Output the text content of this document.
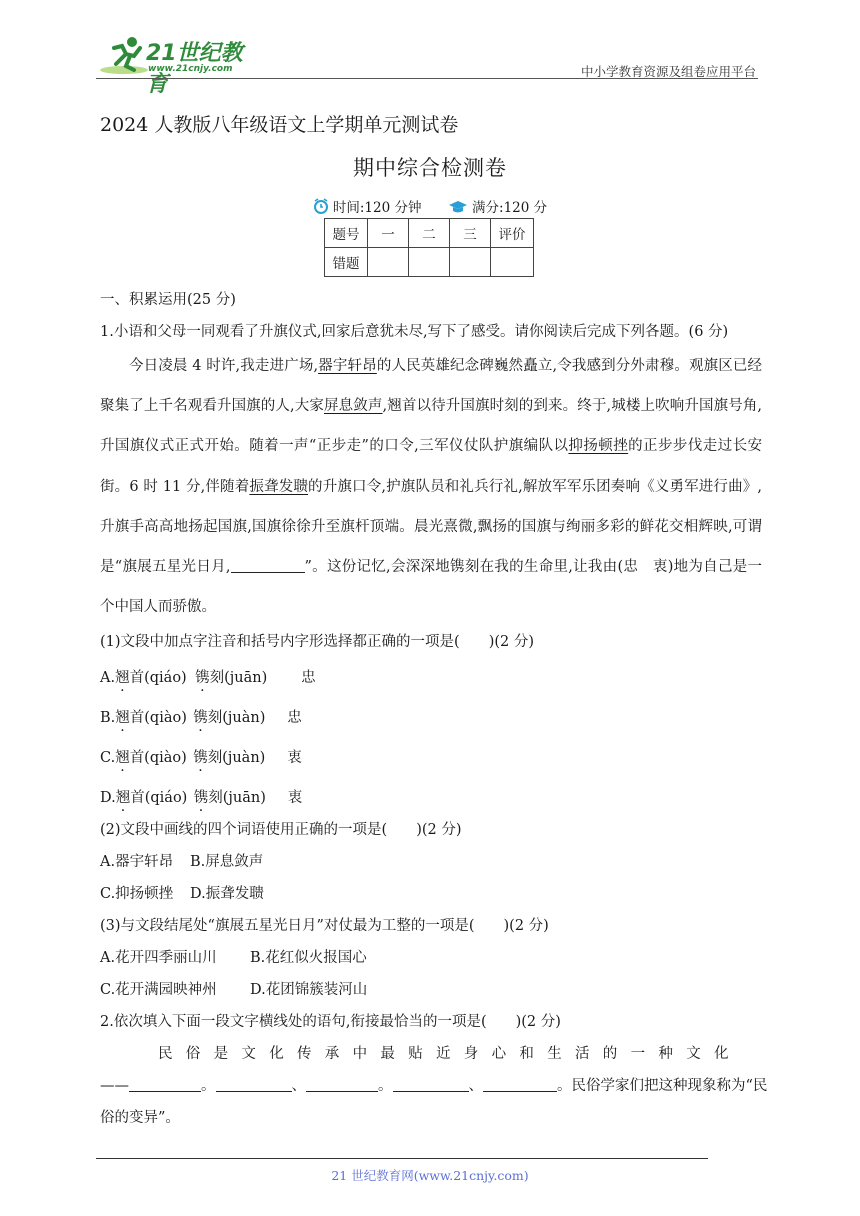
21世纪教育
www.21cnjy.com	中小学教育资源及组卷应用平台
2024 人教版八年级语文上学期单元测试卷
期中综合检测卷
时间:120 分钟	满分:120 分
题号	一	二	三	评价
错题				
一、积累运用(25 分)
1.小语和父母一同观看了升旗仪式,回家后意犹未尽,写下了感受。请你阅读后完成下列各题。(6 分)

今日凌晨 4 时许,我走进广场,器宇轩昂的人民英雄纪念碑巍然矗立,令我感到分外肃穆。观旗区已经聚集了上千名观看升国旗的人,大家屏息敛声,翘 ·首以待升国旗时刻的到来。终于,城楼上吹响升国旗号角,升国旗仪式正式开始。随着一声“正步走”的口令,三军仪仗队护旗编队以抑扬顿挫的正步步伐走过长安街。6 时 11 分,伴随着振聋发聩的升旗口令,护旗队员和礼兵行礼,解放军军乐团奏响《义勇军进行曲》,升旗手高高地扬起国旗,国旗徐徐升至旗杆顶端。晨光熹微,飘扬的国旗与绚丽多彩的鲜花交相辉映,可谓是“旗展五星光日月,	”。这份记忆,会深深地镌 ·刻在我的生命里,让我由(忠　衷)地为自己是一个中国人而骄傲。

(1)文段中加点字注音和括号内字形选择都正确的一项是(　　)(2 分)
A.翘首(qiáo) 镌刻(juān) 忠
B.翘首(qiào) 镌刻(juàn) 忠
C.翘首(qiào) 镌刻(juàn) 衷
D.翘首(qiáo) 镌刻(juān) 衷
(2)文段中画线的四个词语使用正确的一项是(　　)(2 分)
A.器宇轩昂 B.屏息敛声
C.抑扬顿挫 D.振聋发聩
(3)与文段结尾处“旗展五星光日月”对仗最为工整的一项是(　　)(2 分)
A.花开四季丽山川 B.花红似火报国心
C.花开满园映神州 D.花团锦簇装河山
2.依次填入下面一段文字横线处的语句,衔接最恰当的一项是(　　)(2 分)
民俗是文化传承中最贴近身心和生活的一种文化
——	。	、	。	、	。民俗学家们把这种现象称为“民
俗的变异”。
21 世纪教育网(www.21cnjy.com)
